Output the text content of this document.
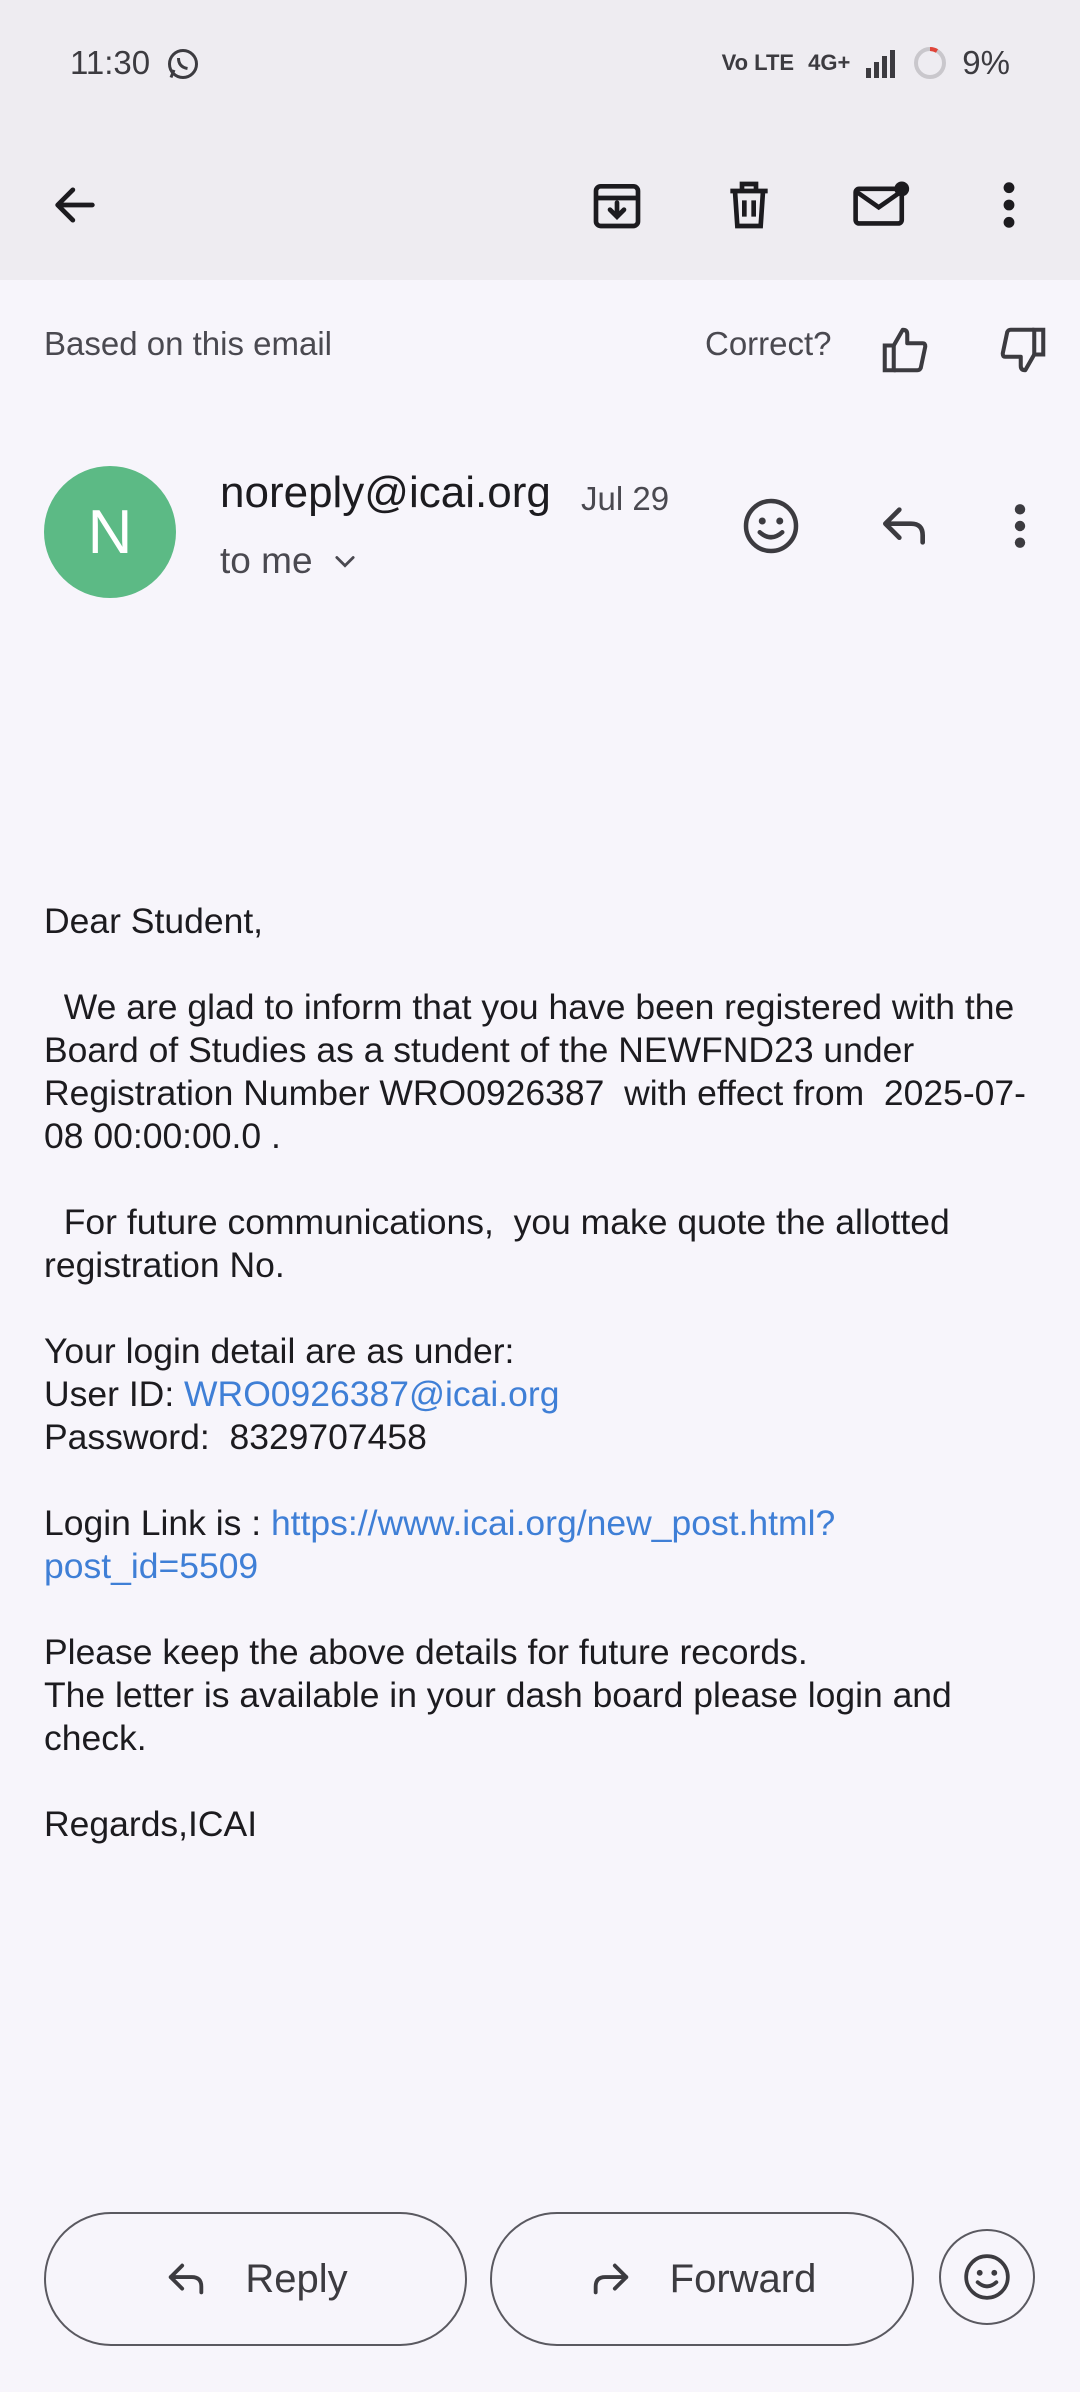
11:30	Vo LTE 4G+	9%
Based on this email	Correct?
N
noreply@icai.org Jul 29
to me
Dear Student,

We are glad to inform that you have been registered with the Board of Studies as a student of the NEWFND23 under Registration Number WRO0926387  with effect from  2025-07-08 00:00:00.0 .

For future communications,  you make quote the allotted registration No.

Your login detail are as under:
User ID: WRO0926387@icai.org
Password:  8329707458

Login Link is : https://www.icai.org/new_post.html?post_id=5509

Please keep the above details for future records.
The letter is available in your dash board please login and check.

Regards,ICAI
Reply	Forward
